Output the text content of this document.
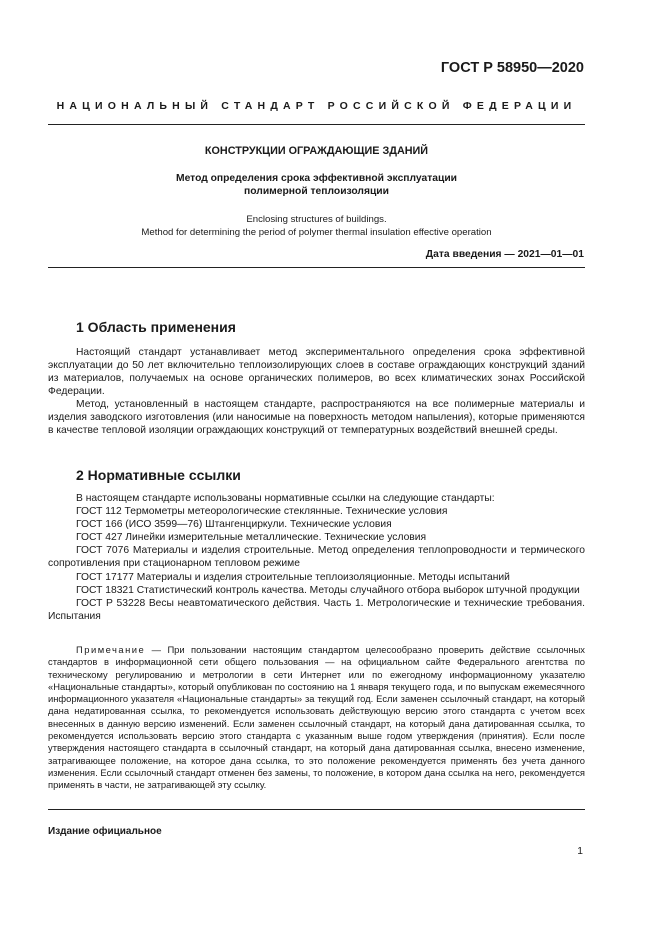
ГОСТ Р 58950—2020
НАЦИОНАЛЬНЫЙ СТАНДАРТ РОССИЙСКОЙ ФЕДЕРАЦИИ
КОНСТРУКЦИИ ОГРАЖДАЮЩИЕ ЗДАНИЙ
Метод определения срока эффективной эксплуатации
полимерной теплоизоляции
Enclosing structures of buildings.
Method for determining the period of polymer thermal insulation effective operation
Дата введения — 2021—01—01
1 Область применения
Настоящий стандарт устанавливает метод экспериментального определения срока эффективной эксплуатации до 50 лет включительно теплоизолирующих слоев в составе ограждающих конструкций зданий из материалов, получаемых на основе органических полимеров, во всех климатических зонах Российской Федерации.
Метод, установленный в настоящем стандарте, распространяются на все полимерные материалы и изделия заводского изготовления (или наносимые на поверхность методом напыления), которые применяются в качестве тепловой изоляции ограждающих конструкций от температурных воздействий внешней среды.
2 Нормативные ссылки
В настоящем стандарте использованы нормативные ссылки на следующие стандарты:
ГОСТ 112 Термометры метеорологические стеклянные. Технические условия
ГОСТ 166 (ИСО 3599—76) Штангенциркули. Технические условия
ГОСТ 427 Линейки измерительные металлические. Технические условия
ГОСТ 7076 Материалы и изделия строительные. Метод определения теплопроводности и термического сопротивления при стационарном тепловом режиме
ГОСТ 17177 Материалы и изделия строительные теплоизоляционные. Методы испытаний
ГОСТ 18321 Статистический контроль качества. Методы случайного отбора выборок штучной продукции
ГОСТ Р 53228 Весы неавтоматического действия. Часть 1. Метрологические и технические требования. Испытания
Примечание — При пользовании настоящим стандартом целесообразно проверить действие ссылочных стандартов в информационной сети общего пользования — на официальном сайте Федерального агентства по техническому регулированию и метрологии в сети Интернет или по ежегодному информационному указателю «Национальные стандарты», который опубликован по состоянию на 1 января текущего года, и по выпускам ежемесячного информационного указателя «Национальные стандарты» за текущий год. Если заменен ссылочный стандарт, на который дана недатированная ссылка, то рекомендуется использовать действующую версию этого стандарта с учетом всех внесенных в данную версию изменений. Если заменен ссылочный стандарт, на который дана датированная ссылка, то рекомендуется использовать версию этого стандарта с указанным выше годом утверждения (принятия). Если после утверждения настоящего стандарта в ссылочный стандарт, на который дана датированная ссылка, внесено изменение, затрагивающее положение, на которое дана ссылка, то это положение рекомендуется применять без учета данного изменения. Если ссылочный стандарт отменен без замены, то положение, в котором дана ссылка на него, рекомендуется применять в части, не затрагивающей эту ссылку.
Издание официальное
1
